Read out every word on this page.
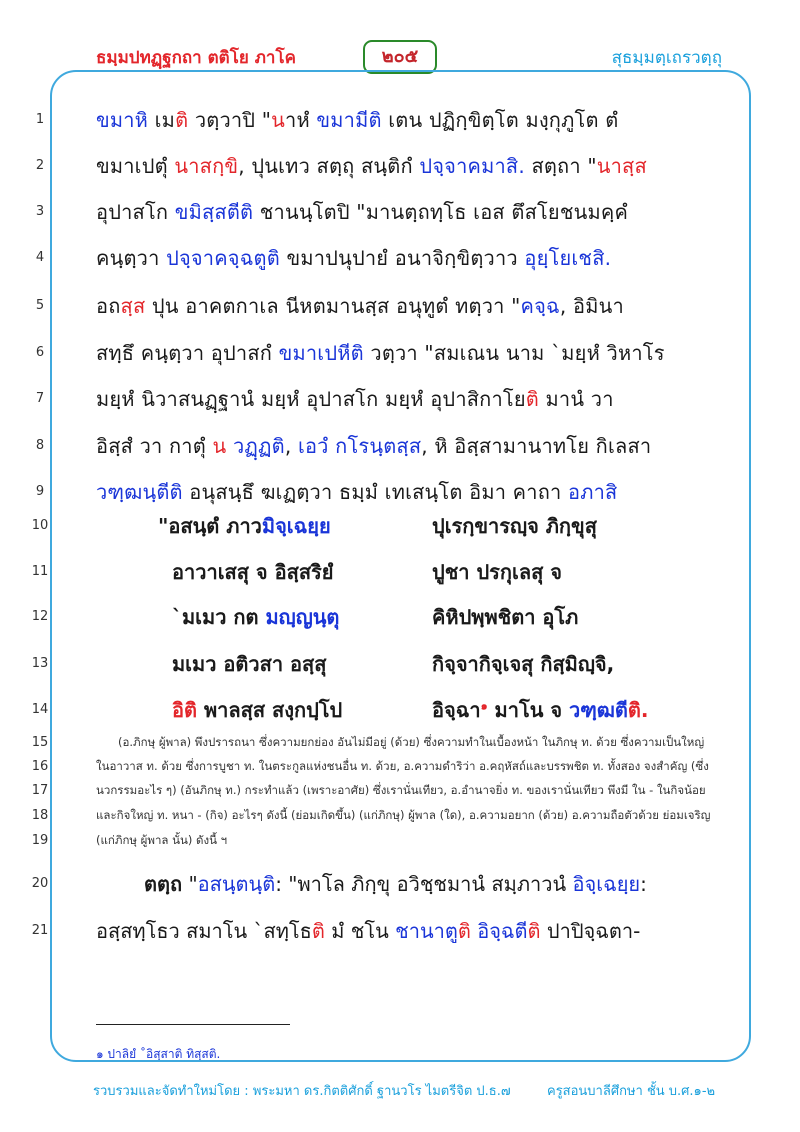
ธมฺมปทฏฺฐกถา ตติโย ภาโค	๒๐๕	สุธมฺมตฺเถรวตฺถุ
1	ขมาหิ เมติ วตฺวาปิ "นาหํ ขมามีติ เตน ปฏิกฺขิตฺโต มงฺกุภูโต ตํ
2	ขมาเปตุํ นาสกฺขิ, ปุนเทว สตฺถุ สนฺติกํ ปจฺจาคมาสิ. สตฺถา "นาสฺส
3	อุปาสโก ขมิสฺสตีติ ชานนฺโตปิ "มานตฺถทฺโธ เอส ตึสโยชนมคฺคํ
4	คนฺตฺวา ปจฺจาคจฺฉตูติ ขมาปนุปายํ อนาจิกฺขิตฺวาว อุยฺโยเชสิ.
5	อถสฺส ปุน อาคตกาเล นีหตมานสฺส อนุทูตํ ทตฺวา "คจฺฉ, อิมินา
6	สทฺธึ คนฺตฺวา อุปาสกํ ขมาเปหีติ วตฺวา "สมเณน นาม `มยฺหํ วิหาโร
7	มยฺหํ นิวาสนฏฺฐานํ มยฺหํ อุปาสโก มยฺหํ อุปาสิกาโยติ มานํ วา
8	อิสฺสํ วา กาตุํ น วฏฺฏติ, เอวํ กโรนฺตสฺส, หิ อิสฺสามานาทโย กิเลสา
9	วฑฺฒนฺตีติ อนุสนฺธึ ฆเฏตฺวา ธมฺมํ เทเสนฺโต อิมา คาถา อภาสิ
10	"อสนฺตํ ภาวมิจฺเฉยฺย	ปุเรกฺขารญฺจ ภิกฺขุสุ
11	อาวาเสสุ จ อิสฺสริยํ	ปูชา ปรกุเลสุ จ
12	`มเมว กต มญฺญนฺตุ	คิหิปพฺพชิตา อุโภ
13	มเมว อติวสา อสฺสุ	กิจฺจากิจฺเจสุ กิสฺมิญฺจิ,
14	อิติ พาลสฺส สงฺกปฺโป	อิจฺฉา$^๑$ มาโน จ วฑฺฒตีติ.
15	(อ.ภิกษุ ผู้พาล) พึงปรารถนา ซึ่งความยกย่อง อันไม่มีอยู่ (ด้วย) ซึ่งความทำในเบื้องหน้า ในภิกษุ ท. ด้วย ซึ่งความเป็นใหญ่
16	ในอาวาส ท. ด้วย ซึ่งการบูชา ท. ในตระกูลแห่งชนอื่น ท. ด้วย, อ.ความดำริว่า อ.คฤหัสถ์และบรรพชิต ท. ทั้งสอง จงสำคัญ (ซึ่ง
17	นวกรรมอะไร ๆ) (อันภิกษุ ท.) กระทำแล้ว (เพราะอาศัย) ซึ่งเรานั่นเทียว, อ.อำนาจยิ่ง ท. ของเรานั่นเทียว พึงมี ใน - ในกิจน้อย
18	และกิจใหญ่ ท. หนา - (กิจ) อะไรๆ ดังนี้ (ย่อมเกิดขึ้น) (แก่ภิกษุ) ผู้พาล (ใด), อ.ความอยาก (ด้วย) อ.ความถือตัวด้วย ย่อมเจริญ
19	(แก่ภิกษุ ผู้พาล นั้น) ดังนี้ ฯ
20	ตตฺถ "อสนฺตนฺติ: "พาโล ภิกฺขุ อวิชฺชมานํ สมฺภาวนํ อิจฺเฉยฺย:
21	อสฺสทฺโธว สมาโน `สทฺโธติ มํ ชโน ชานาตูติ อิจฺฉตีติ ปาปิจฺฉตา-
๑ ปาลิยํ ˚อิสฺสาติ ทิสฺสติ.
รวบรวมและจัดทำใหม่โดย : พระมหา ดร.กิตติศักดิ์ ฐานวโร ไมตรีจิต ป.ธ.๗	ครูสอนบาลีศึกษา ชั้น บ.ศ.๑-๒
